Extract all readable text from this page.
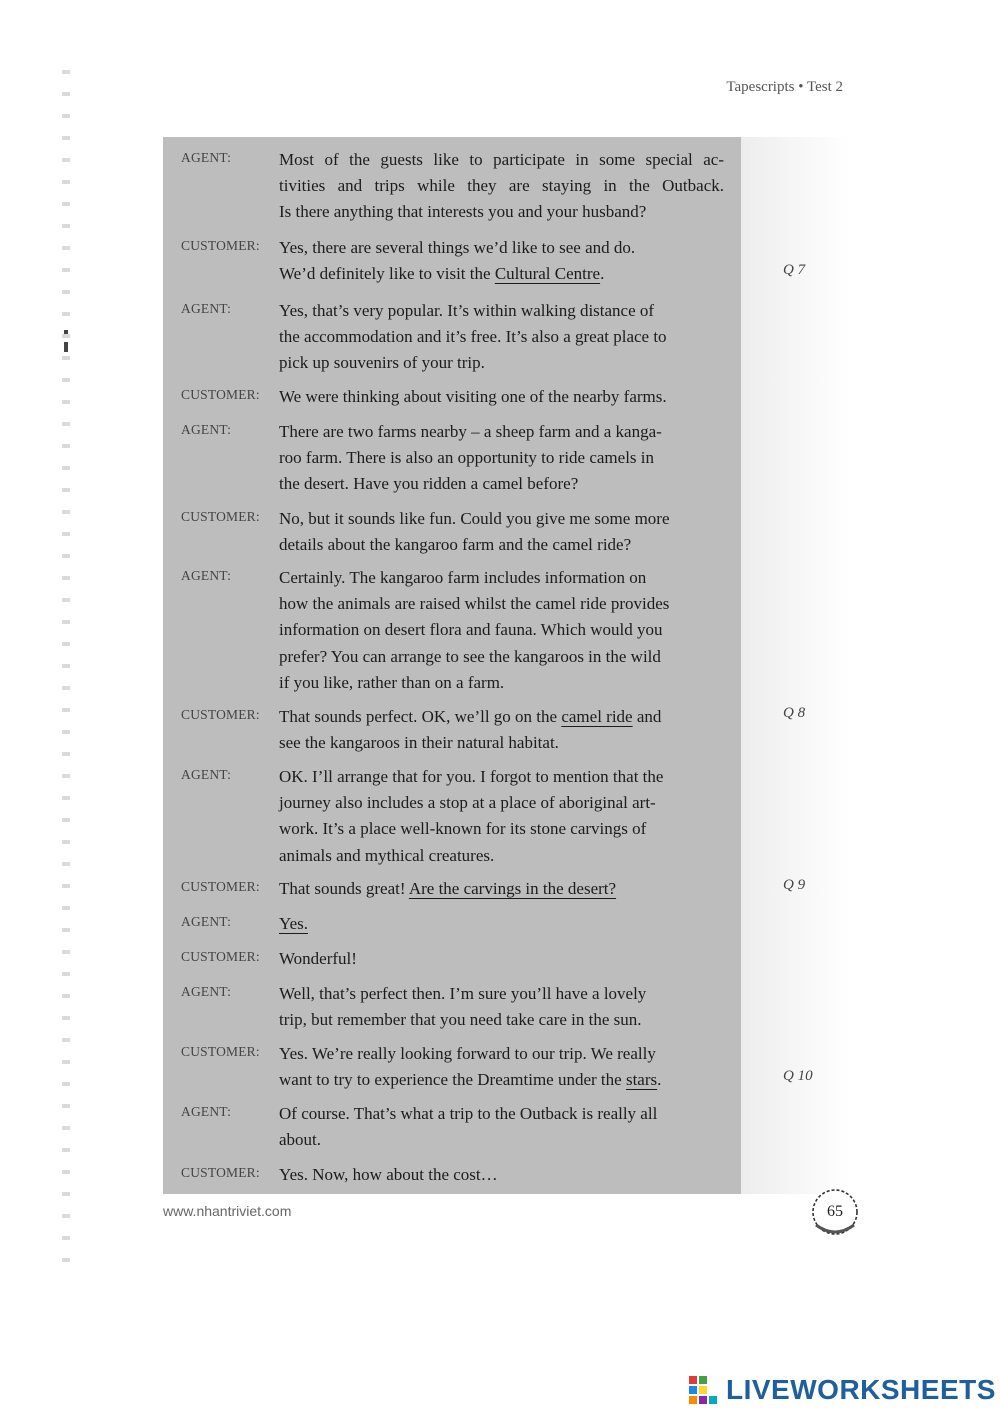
Tapescripts • Test 2
AGENT:	Most of the guests like to participate in some special ac-
tivities and trips while they are staying in the Outback.
Is there anything that interests you and your husband?
CUSTOMER: Yes, there are several things we’d like to see and do.
We’d definitely like to visit the Cultural Centre.	Q 7
AGENT:	Yes, that’s very popular. It’s within walking distance of
the accommodation and it’s free. It’s also a great place to
pick up souvenirs of your trip.
CUSTOMER: We were thinking about visiting one of the nearby farms.
AGENT:	There are two farms nearby – a sheep farm and a kanga-
roo farm. There is also an opportunity to ride camels in
the desert. Have you ridden a camel before?
CUSTOMER: No, but it sounds like fun. Could you give me some more
details about the kangaroo farm and the camel ride?
AGENT:	Certainly. The kangaroo farm includes information on
how the animals are raised whilst the camel ride provides
information on desert flora and fauna. Which would you
prefer? You can arrange to see the kangaroos in the wild
if you like, rather than on a farm.
CUSTOMER: That sounds perfect. OK, we’ll go on the camel ride and
see the kangaroos in their natural habitat.
Q 8
AGENT:	OK. I’ll arrange that for you. I forgot to mention that the
journey also includes a stop at a place of aboriginal art-
work. It’s a place well-known for its stone carvings of
animals and mythical creatures.
CUSTOMER: That sounds great! Are the carvings in the desert?	Q 9
AGENT:	Yes.
CUSTOMER: Wonderful!
AGENT:	Well, that’s perfect then. I’m sure you’ll have a lovely
trip, but remember that you need take care in the sun.
CUSTOMER: Yes. We’re really looking forward to our trip. We really
want to try to experience the Dreamtime under the stars.	Q 10
AGENT:	Of course. That’s what a trip to the Outback is really all
about.
CUSTOMER: Yes. Now, how about the cost…
www.nhantriviet.com	65
LIVEWORKSHEETS
